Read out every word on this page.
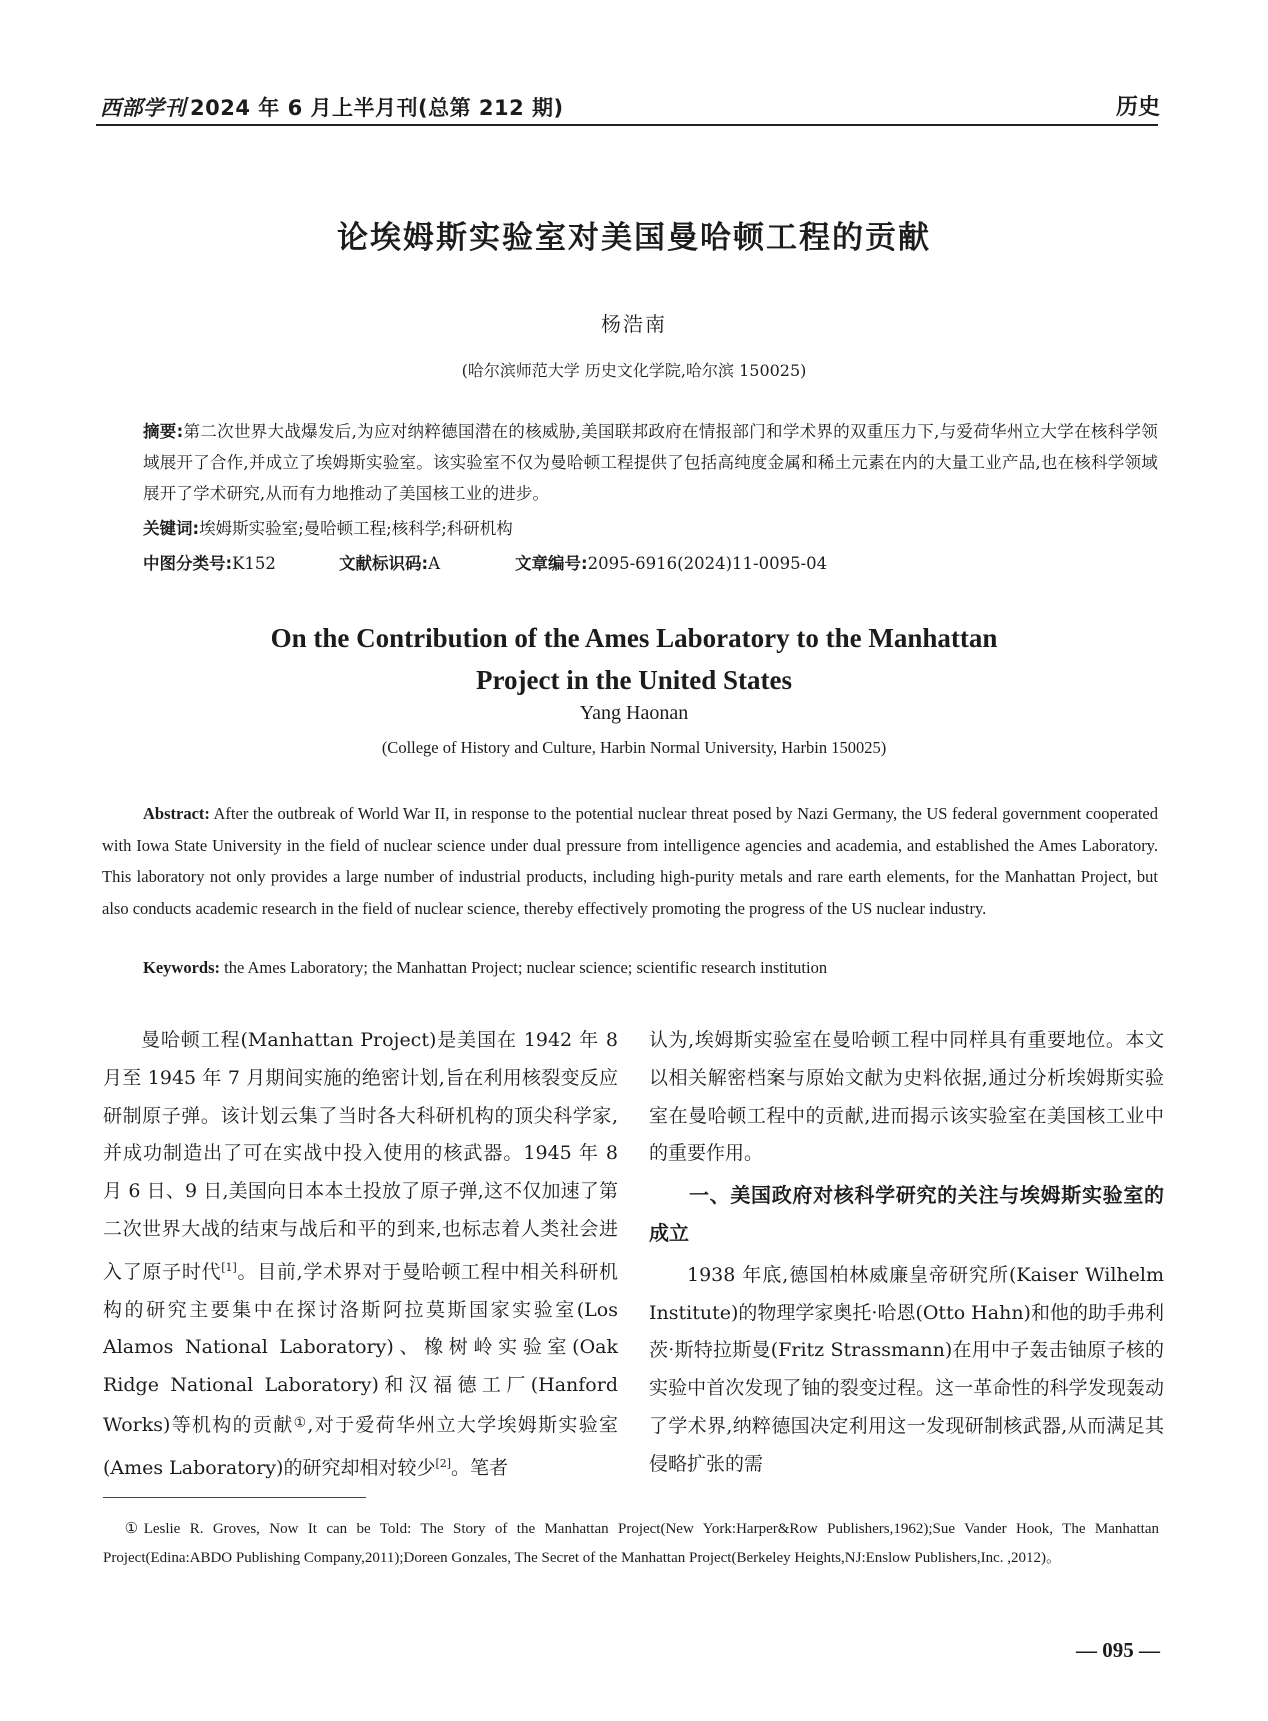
西部学刊 2024 年 6 月上半月刊(总第 212 期)	历史
论埃姆斯实验室对美国曼哈顿工程的贡献
杨浩南
(哈尔滨师范大学 历史文化学院,哈尔滨 150025)
摘要:第二次世界大战爆发后,为应对纳粹德国潜在的核威胁,美国联邦政府在情报部门和学术界的双重压力下,与爱荷华州立大学在核科学领域展开了合作,并成立了埃姆斯实验室。该实验室不仅为曼哈顿工程提供了包括高纯度金属和稀土元素在内的大量工业产品,也在核科学领域展开了学术研究,从而有力地推动了美国核工业的进步。
关键词:埃姆斯实验室;曼哈顿工程;核科学;科研机构
中图分类号:K152	文献标识码:A	文章编号:2095-6916(2024)11-0095-04
On the Contribution of the Ames Laboratory to the Manhattan Project in the United States
Yang Haonan
(College of History and Culture, Harbin Normal University, Harbin 150025)
Abstract: After the outbreak of World War II, in response to the potential nuclear threat posed by Nazi Germany, the US federal government cooperated with Iowa State University in the field of nuclear science under dual pressure from intelligence agencies and academia, and established the Ames Laboratory. This laboratory not only provides a large number of industrial products, including high-purity metals and rare earth elements, for the Manhattan Project, but also conducts academic research in the field of nuclear science, thereby effectively promoting the progress of the US nuclear industry.
Keywords: the Ames Laboratory; the Manhattan Project; nuclear science; scientific research institution

曼哈顿工程(Manhattan Project)是美国在 1942 年 8 月至 1945 年 7 月期间实施的绝密计划,旨在利用核裂变反应研制原子弹。该计划云集了当时各大科研机构的顶尖科学家,并成功制造出了可在实战中投入使用的核武器。1945 年 8 月 6 日、9 日,美国向日本本土投放了原子弹,这不仅加速了第二次世界大战的结束与战后和平的到来,也标志着人类社会进入了原子时代[1]。目前,学术界对于曼哈顿工程中相关科研机构的研究主要集中在探讨洛斯阿拉莫斯国家实验室(Los Alamos National Laboratory)、橡树岭实验室(Oak Ridge National Laboratory)和汉福德工厂(Hanford Works)等机构的贡献①,对于爱荷华州立大学埃姆斯实验室(Ames Laboratory)的研究却相对较少[2]。笔者

认为,埃姆斯实验室在曼哈顿工程中同样具有重要地位。本文以相关解密档案与原始文献为史料依据,通过分析埃姆斯实验室在曼哈顿工程中的贡献,进而揭示该实验室在美国核工业中的重要作用。

一、美国政府对核科学研究的关注与埃姆斯实验室的成立

1938 年底,德国柏林威廉皇帝研究所(Kaiser Wilhelm Institute)的物理学家奥托·哈恩(Otto Hahn)和他的助手弗利茨·斯特拉斯曼(Fritz Strassmann)在用中子轰击铀原子核的实验中首次发现了铀的裂变过程。这一革命性的科学发现轰动了学术界,纳粹德国决定利用这一发现研制核武器,从而满足其侵略扩张的需

①Leslie R. Groves, Now It can be Told: The Story of the Manhattan Project(New York:Harper&Row Publishers,1962);Sue Vander Hook, The Manhattan Project(Edina:ABDO Publishing Company,2011);Doreen Gonzales, The Secret of the Manhattan Project(Berkeley Heights,NJ:Enslow Publishers,Inc. ,2012)。
— 095 —
